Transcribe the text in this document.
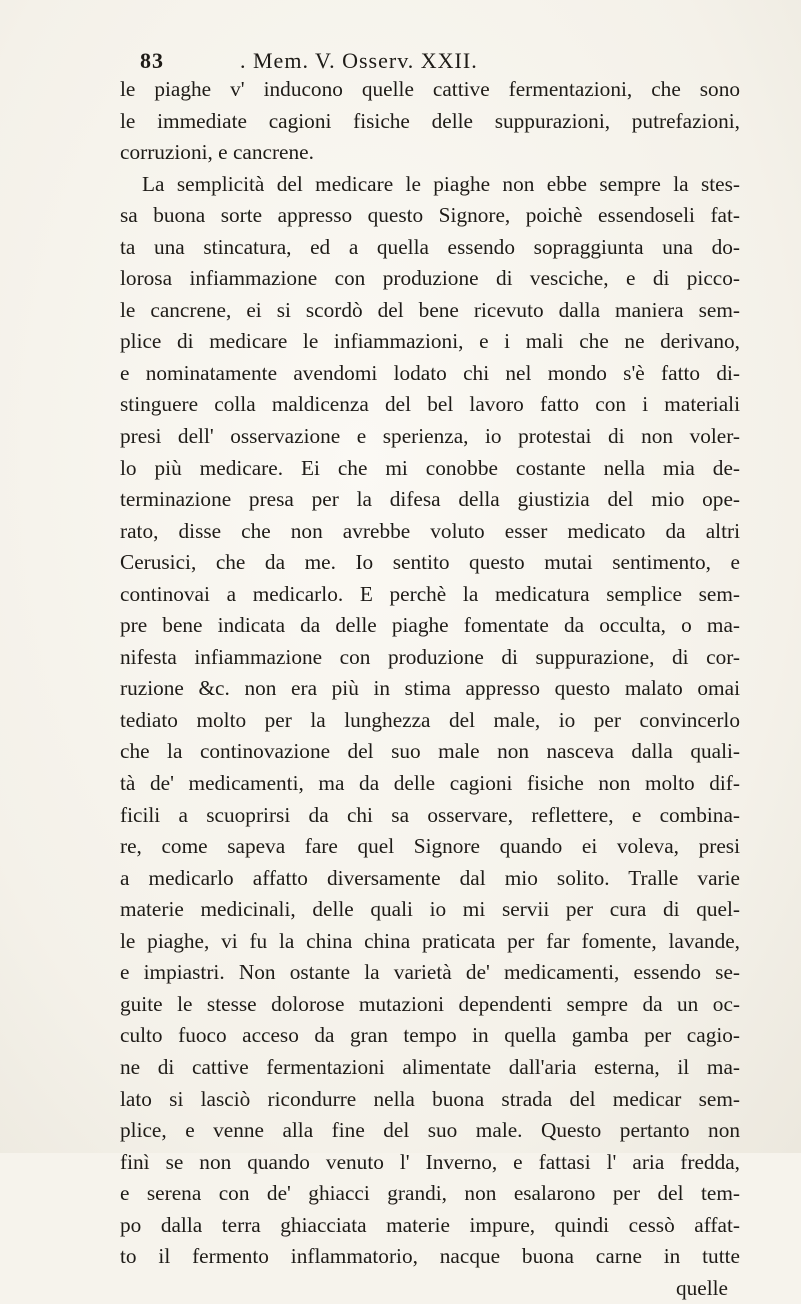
83	. Mem. V. Osserv. XXII.
le piaghe v' inducono quelle cattive fermentazioni, che sono
le immediate cagioni fisiche delle suppurazioni, putrefazioni,
corruzioni, e cancrene.
La semplicità del medicare le piaghe non ebbe sempre la stes-
sa buona sorte appresso questo Signore, poichè essendoseli fat-
ta una stincatura, ed a quella essendo sopraggiunta una do-
lorosa infiammazione con produzione di vesciche, e di picco-
le cancrene, ei si scordò del bene ricevuto dalla maniera sem-
plice di medicare le infiammazioni, e i mali che ne derivano,
e nominatamente avendomi lodato chi nel mondo s'è fatto di-
stinguere colla maldicenza del bel lavoro fatto con i materiali
presi dell' osservazione e sperienza, io protestai di non voler-
lo più medicare. Ei che mi conobbe costante nella mia de-
terminazione presa per la difesa della giustizia del mio ope-
rato, disse che non avrebbe voluto esser medicato da altri
Cerusici, che da me. Io sentito questo mutai sentimento, e
continovai a medicarlo. E perchè la medicatura semplice sem-
pre bene indicata da delle piaghe fomentate da occulta, o ma-
nifesta infiammazione con produzione di suppurazione, di cor-
ruzione &c. non era più in stima appresso questo malato omai
tediato molto per la lunghezza del male, io per convincerlo
che la continovazione del suo male non nasceva dalla quali-
tà de' medicamenti, ma da delle cagioni fisiche non molto dif-
ficili a scuoprirsi da chi sa osservare, reflettere, e combina-
re, come sapeva fare quel Signore quando ei voleva, presi
a medicarlo affatto diversamente dal mio solito. Tralle varie
materie medicinali, delle quali io mi servii per cura di quel-
le piaghe, vi fu la china china praticata per far fomente, lavande,
e impiastri. Non ostante la varietà de' medicamenti, essendo se-
guite le stesse dolorose mutazioni dependenti sempre da un oc-
culto fuoco acceso da gran tempo in quella gamba per cagio-
ne di cattive fermentazioni alimentate dall'aria esterna, il ma-
lato si lasciò ricondurre nella buona strada del medicar sem-
plice, e venne alla fine del suo male. Questo pertanto non
finì se non quando venuto l' Inverno, e fattasi l' aria fredda,
e serena con de' ghiacci grandi, non esalarono per del tem-
po dalla terra ghiacciata materie impure, quindi cessò affat-
to il fermento inflammatorio, nacque buona carne in tutte
quelle
